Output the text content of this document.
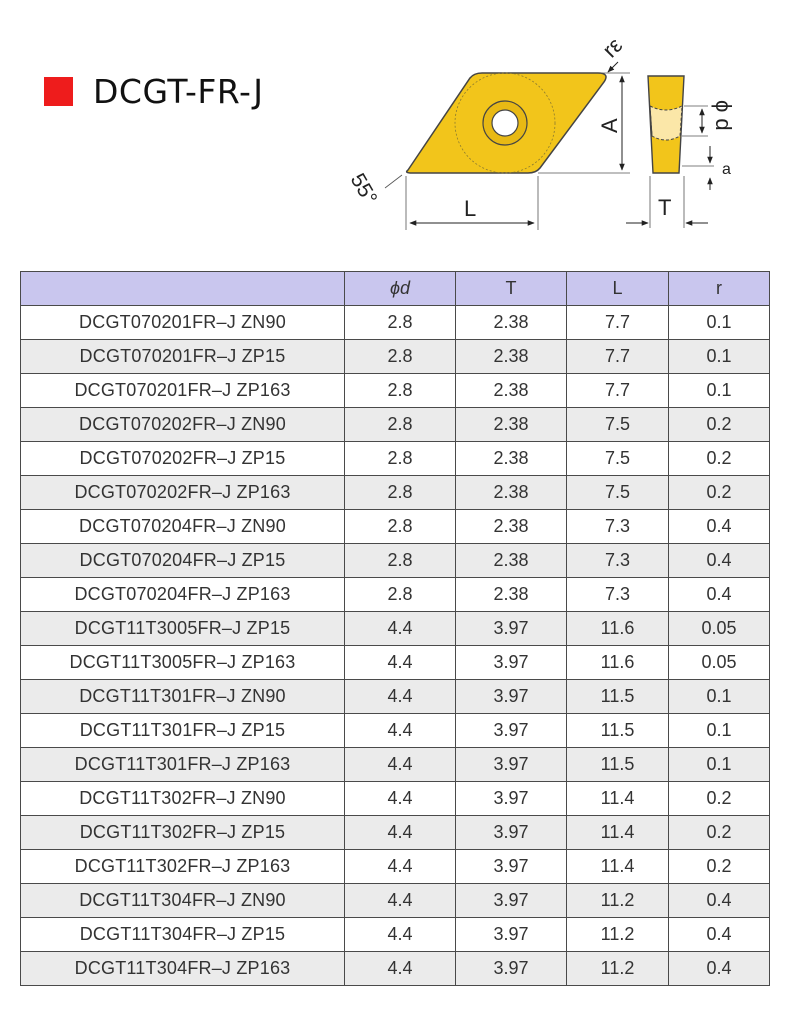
DCGT-FR-J
A
rε
L
55°
ϕ d
a
T
	ϕd	T	L	r
DCGT070201FR–J ZN90	2.8	2.38	7.7	0.1
DCGT070201FR–J ZP15	2.8	2.38	7.7	0.1
DCGT070201FR–J ZP163	2.8	2.38	7.7	0.1
DCGT070202FR–J ZN90	2.8	2.38	7.5	0.2
DCGT070202FR–J ZP15	2.8	2.38	7.5	0.2
DCGT070202FR–J ZP163	2.8	2.38	7.5	0.2
DCGT070204FR–J ZN90	2.8	2.38	7.3	0.4
DCGT070204FR–J ZP15	2.8	2.38	7.3	0.4
DCGT070204FR–J ZP163	2.8	2.38	7.3	0.4
DCGT11T3005FR–J ZP15	4.4	3.97	11.6	0.05
DCGT11T3005FR–J ZP163	4.4	3.97	11.6	0.05
DCGT11T301FR–J ZN90	4.4	3.97	11.5	0.1
DCGT11T301FR–J ZP15	4.4	3.97	11.5	0.1
DCGT11T301FR–J ZP163	4.4	3.97	11.5	0.1
DCGT11T302FR–J ZN90	4.4	3.97	11.4	0.2
DCGT11T302FR–J ZP15	4.4	3.97	11.4	0.2
DCGT11T302FR–J ZP163	4.4	3.97	11.4	0.2
DCGT11T304FR–J ZN90	4.4	3.97	11.2	0.4
DCGT11T304FR–J ZP15	4.4	3.97	11.2	0.4
DCGT11T304FR–J ZP163	4.4	3.97	11.2	0.4
